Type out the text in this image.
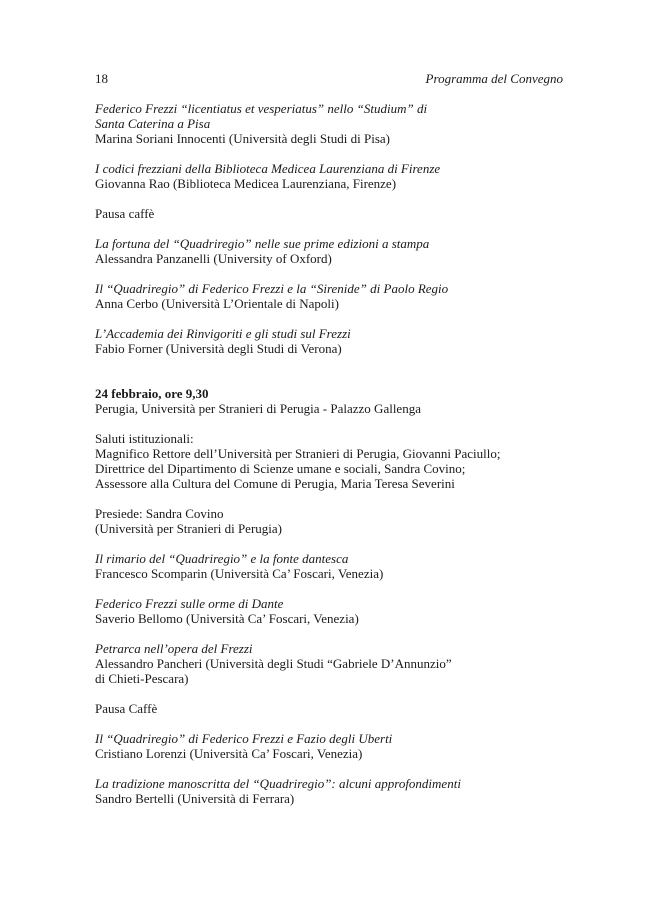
18	Programma del Convegno
Federico Frezzi “licentiatus et vesperiatus” nello “Studium” di
Santa Caterina a Pisa
Marina Soriani Innocenti (Università degli Studi di Pisa)
I codici frezziani della Biblioteca Medicea Laurenziana di Firenze
Giovanna Rao (Biblioteca Medicea Laurenziana, Firenze)
Pausa caffè
La fortuna del “Quadriregio” nelle sue prime edizioni a stampa
Alessandra Panzanelli (University of Oxford)
Il “Quadriregio” di Federico Frezzi e la “Sirenide” di Paolo Regio
Anna Cerbo (Università L’Orientale di Napoli)
L’Accademia dei Rinvigoriti e gli studi sul Frezzi
Fabio Forner (Università degli Studi di Verona)
24 febbraio, ore 9,30
Perugia, Università per Stranieri di Perugia - Palazzo Gallenga
Saluti istituzionali:
Magnifico Rettore dell’Università per Stranieri di Perugia, Giovanni Paciullo;
Direttrice del Dipartimento di Scienze umane e sociali, Sandra Covino;
Assessore alla Cultura del Comune di Perugia, Maria Teresa Severini
Presiede: Sandra Covino
(Università per Stranieri di Perugia)
Il rimario del “Quadriregio” e la fonte dantesca
Francesco Scomparin (Università Ca’ Foscari, Venezia)
Federico Frezzi sulle orme di Dante
Saverio Bellomo (Università Ca’ Foscari, Venezia)
Petrarca nell’opera del Frezzi
Alessandro Pancheri (Università degli Studi “Gabriele D’Annunzio”
di Chieti-Pescara)
Pausa Caffè
Il “Quadriregio” di Federico Frezzi e Fazio degli Uberti
Cristiano Lorenzi (Università Ca’ Foscari, Venezia)
La tradizione manoscritta del “Quadriregio”: alcuni approfondimenti
Sandro Bertelli (Università di Ferrara)
